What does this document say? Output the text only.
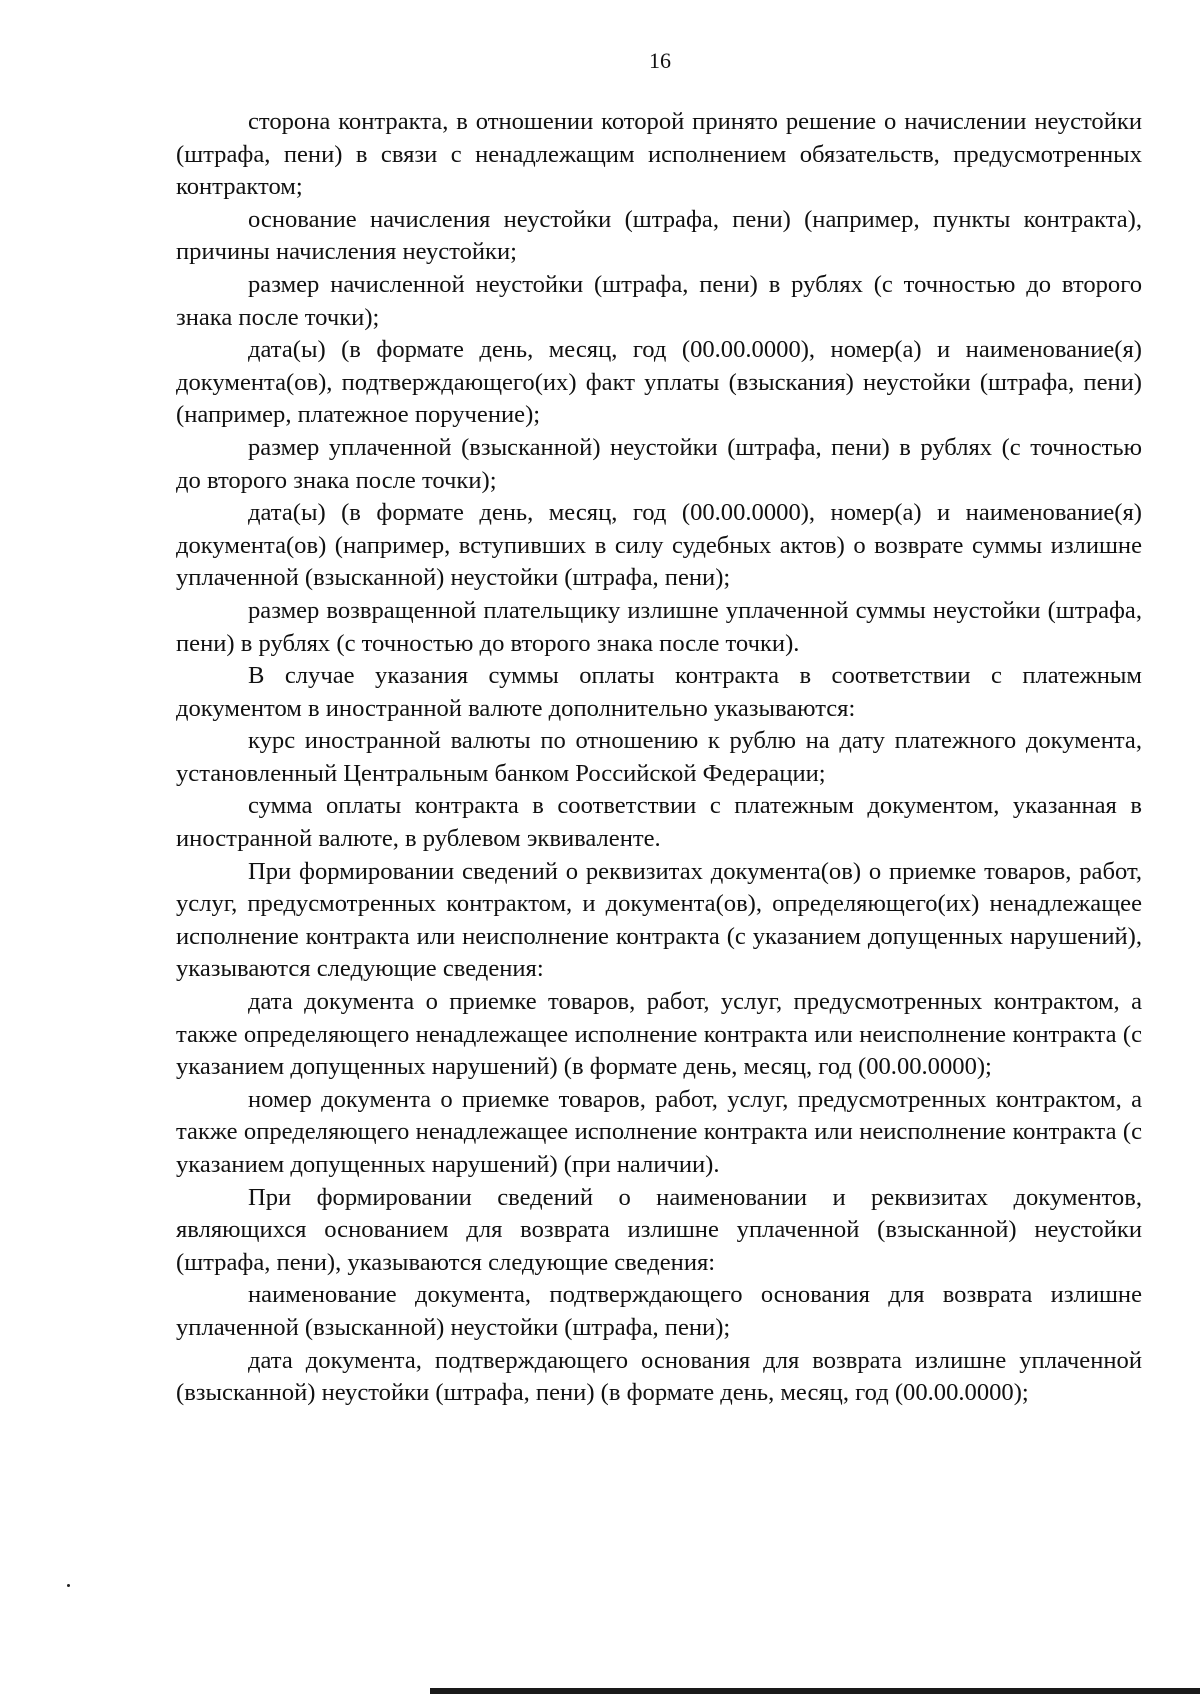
16

сторона контракта, в отношении которой принято решение о начислении неустойки (штрафа, пени) в связи с ненадлежащим исполнением обязательств, предусмотренных контрактом;

основание начисления неустойки (штрафа, пени) (например, пункты контракта), причины начисления неустойки;

размер начисленной неустойки (штрафа, пени) в рублях (с точностью до второго знака после точки);

дата(ы) (в формате день, месяц, год (00.00.0000), номер(а) и наименование(я) документа(ов), подтверждающего(их) факт уплаты (взыскания) неустойки (штрафа, пени) (например, платежное поручение);

размер уплаченной (взысканной) неустойки (штрафа, пени) в рублях (с точностью до второго знака после точки);

дата(ы) (в формате день, месяц, год (00.00.0000), номер(а) и наименование(я) документа(ов) (например, вступивших в силу судебных актов) о возврате суммы излишне уплаченной (взысканной) неустойки (штрафа, пени);

размер возвращенной плательщику излишне уплаченной суммы неустойки (штрафа, пени) в рублях (с точностью до второго знака после точки).

В случае указания суммы оплаты контракта в соответствии с платежным документом в иностранной валюте дополнительно указываются:

курс иностранной валюты по отношению к рублю на дату платежного документа, установленный Центральным банком Российской Федерации;

сумма оплаты контракта в соответствии с платежным документом, указанная в иностранной валюте, в рублевом эквиваленте.

При формировании сведений о реквизитах документа(ов) о приемке товаров, работ, услуг, предусмотренных контрактом, и документа(ов), определяющего(их) ненадлежащее исполнение контракта или неисполнение контракта (с указанием допущенных нарушений), указываются следующие сведения:

дата документа о приемке товаров, работ, услуг, предусмотренных контрактом, а также определяющего ненадлежащее исполнение контракта или неисполнение контракта (с указанием допущенных нарушений) (в формате день, месяц, год (00.00.0000);

номер документа о приемке товаров, работ, услуг, предусмотренных контрактом, а также определяющего ненадлежащее исполнение контракта или неисполнение контракта (с указанием допущенных нарушений) (при наличии).

При формировании сведений о наименовании и реквизитах документов, являющихся основанием для возврата излишне уплаченной (взысканной) неустойки (штрафа, пени), указываются следующие сведения:

наименование документа, подтверждающего основания для возврата излишне уплаченной (взысканной) неустойки (штрафа, пени);

дата документа, подтверждающего основания для возврата излишне уплаченной (взысканной) неустойки (штрафа, пени) (в формате день, месяц, год (00.00.0000);
